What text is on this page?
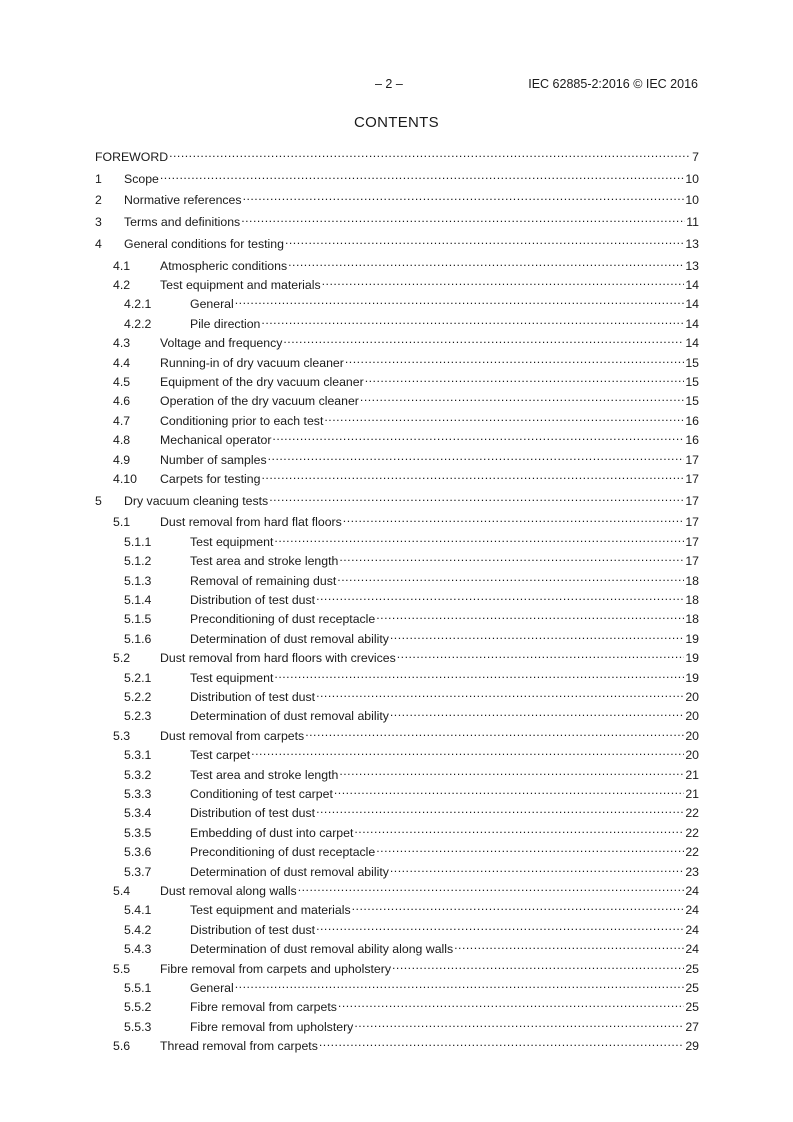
– 2 –	IEC 62885-2:2016 © IEC 2016
CONTENTS
FOREWORD .....	7
1	Scope .....	10
2	Normative references .....	10
3	Terms and definitions .....	11
4	General conditions for testing .....	13
4.1	Atmospheric conditions .....	13
4.2	Test equipment and materials .....	14
4.2.1	General .....	14
4.2.2	Pile direction .....	14
4.3	Voltage and frequency .....	14
4.4	Running-in of dry vacuum cleaner .....	15
4.5	Equipment of the dry vacuum cleaner .....	15
4.6	Operation of the dry vacuum cleaner .....	15
4.7	Conditioning prior to each test .....	16
4.8	Mechanical operator .....	16
4.9	Number of samples .....	17
4.10	Carpets for testing .....	17
5	Dry vacuum cleaning tests .....	17
5.1	Dust removal from hard flat floors .....	17
5.1.1	Test equipment .....	17
5.1.2	Test area and stroke length .....	17
5.1.3	Removal of remaining dust .....	18
5.1.4	Distribution of test dust .....	18
5.1.5	Preconditioning of dust receptacle .....	18
5.1.6	Determination of dust removal ability .....	19
5.2	Dust removal from hard floors with crevices .....	19
5.2.1	Test equipment .....	19
5.2.2	Distribution of test dust .....	20
5.2.3	Determination of dust removal ability .....	20
5.3	Dust removal from carpets .....	20
5.3.1	Test carpet .....	20
5.3.2	Test area and stroke length .....	21
5.3.3	Conditioning of test carpet .....	21
5.3.4	Distribution of test dust .....	22
5.3.5	Embedding of dust into carpet .....	22
5.3.6	Preconditioning of dust receptacle .....	22
5.3.7	Determination of dust removal ability .....	23
5.4	Dust removal along walls .....	24
5.4.1	Test equipment and materials .....	24
5.4.2	Distribution of test dust .....	24
5.4.3	Determination of dust removal ability along walls .....	24
5.5	Fibre removal from carpets and upholstery .....	25
5.5.1	General .....	25
5.5.2	Fibre removal from carpets .....	25
5.5.3	Fibre removal from upholstery .....	27
5.6	Thread removal from carpets .....	29
